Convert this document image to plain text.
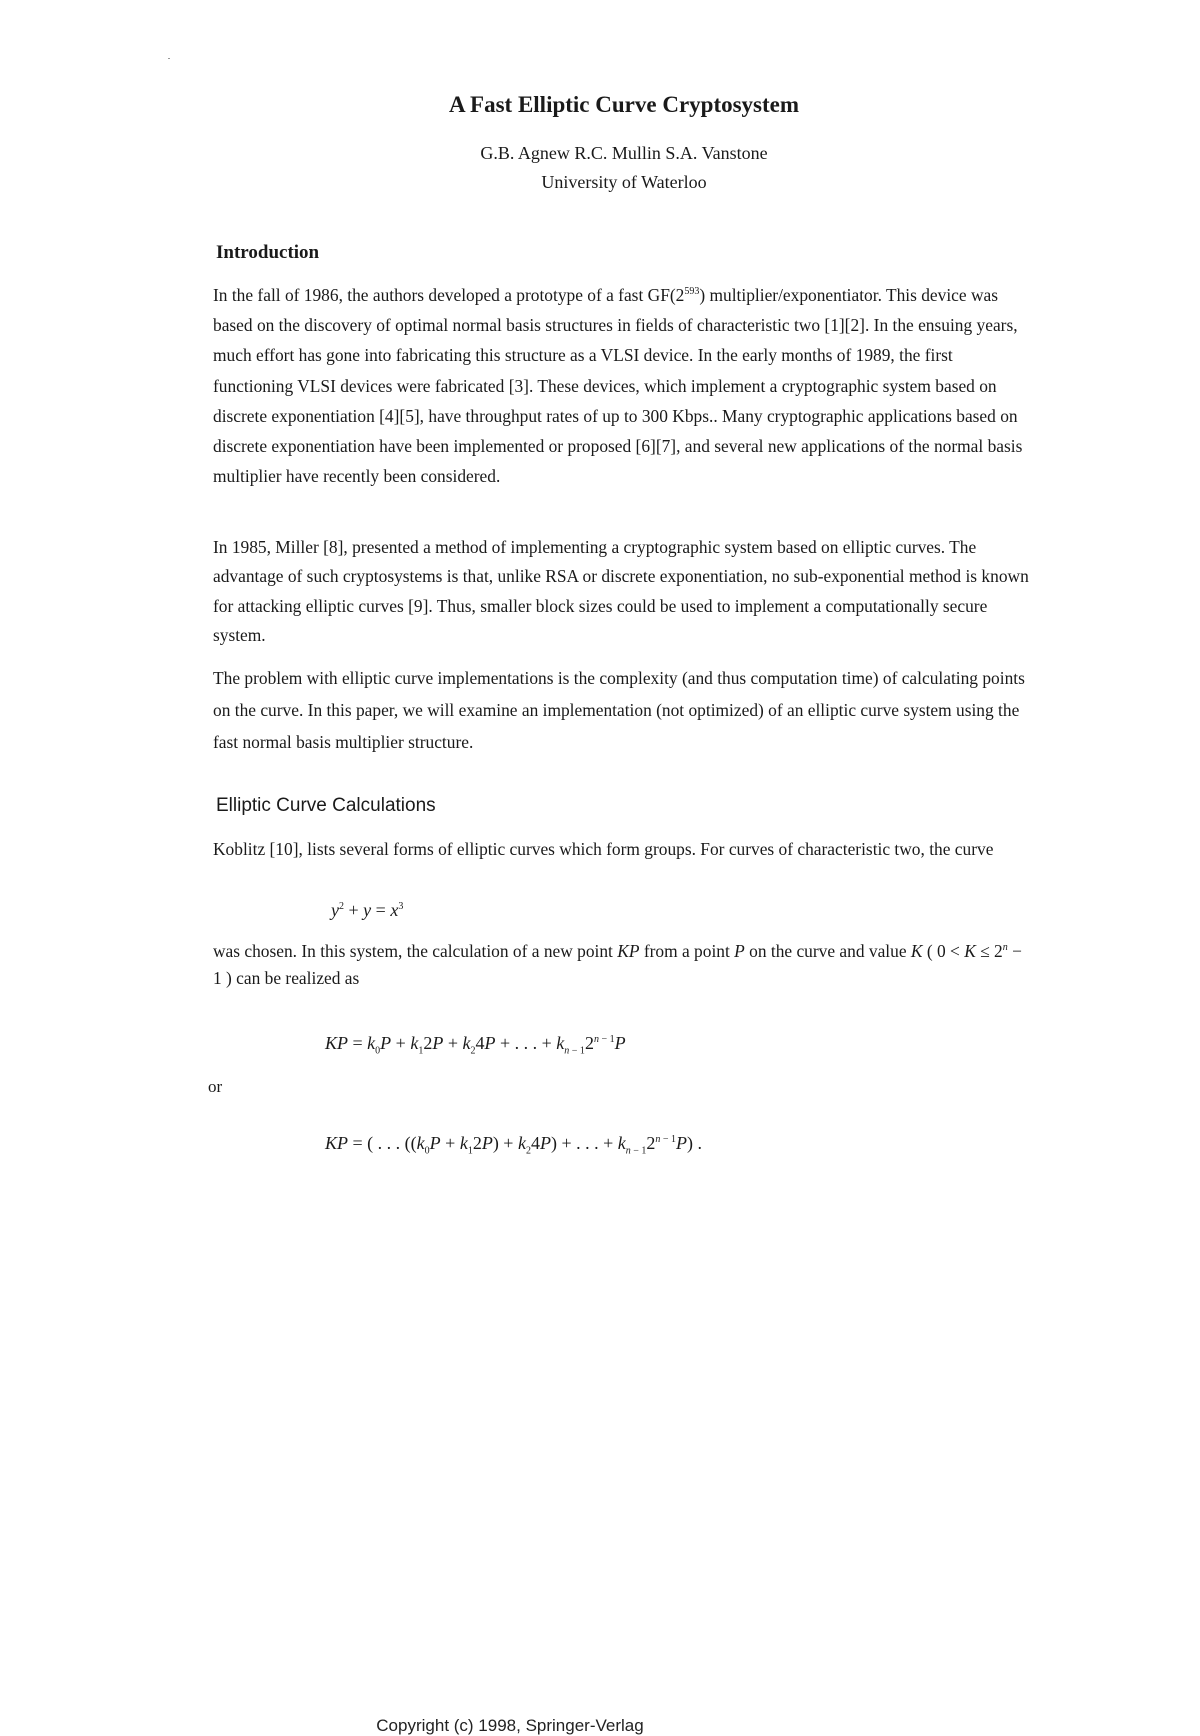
A Fast Elliptic Curve Cryptosystem
G.B. Agnew R.C. Mullin S.A. Vanstone
University of Waterloo
Introduction
In the fall of 1986, the authors developed a prototype of a fast $GF(2^{593})$ multiplier/exponentiator. This device was based on the discovery of optimal normal basis structures in fields of characteristic two [1][2]. In the ensuing years, much effort has gone into fabricating this structure as a VLSI device. In the early months of 1989, the first functioning VLSI devices were fabricated [3]. These devices, which implement a cryptographic system based on discrete exponentiation [4][5], have throughput rates of up to 300 Kbps.. Many cryptographic applications based on discrete exponentiation have been implemented or proposed [6][7], and several new applications of the normal basis multiplier have recently been considered.
In 1985, Miller [8], presented a method of implementing a cryptographic system based on elliptic curves. The advantage of such cryptosystems is that, unlike RSA or discrete exponentiation, no sub-exponential method is known for attacking elliptic curves [9]. Thus, smaller block sizes could be used to implement a computationally secure system.
The problem with elliptic curve implementations is the complexity (and thus computation time) of calculating points on the curve. In this paper, we will examine an implementation (not optimized) of an elliptic curve system using the fast normal basis multiplier structure.
Elliptic Curve Calculations
Koblitz [10], lists several forms of elliptic curves which form groups. For curves of characteristic two, the curve
$y^2 + y = x^3$
was chosen. In this system, the calculation of a new point KP from a point P on the curve and value K ( $0 < K \le 2^n - 1$ ) can be realized as
KP = $k_0P + k_12P + k_24P$ + . . . + $k_{n - 1}2^{n - 1}P$
or
KP = ( . . . $((k_0P + k_12P) + k_24P)$ + . . . + $k_{n - 1}2^{n - 1}P$) .
Copyright (c) 1998, Springer-Verlag
